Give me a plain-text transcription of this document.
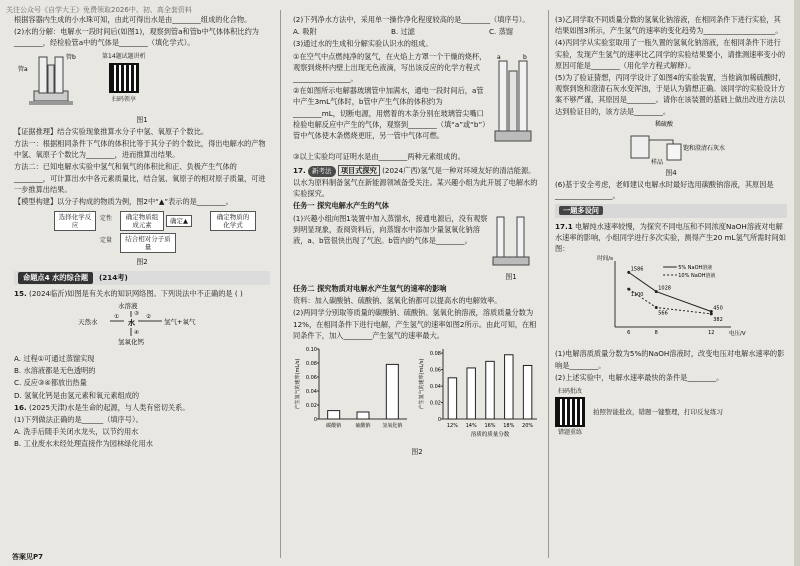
关注公众号《自学大王》免费领取2026中、初、高全套资料

根据容器内生成的小水珠可知，由此可得出水是由________组成的化合物。

(2)水的分解：电解水一段时间后(如图1)，观察到管a和管b中气体体积比约为________，经检验管a中的气体是________（填化学式）。

管a
管b	第14题试题讲析
扫码领享
图1

【证据推理】结合实验现象推算水分子中氢、氧原子个数比。

方法一：根据相同条件下气体的体积比等于其分子的个数比，得出电解水的产物中氢、氧原子个数比为________，进而推算出结果。

方法二：已知电解水实验中氢气和氧气的体积比和正、负极产生气体的________，可计算出水中各元素质量比，结合氢、氧原子的相对原子质量，可进一步推算出结果。

【模型构建】以分子构成的物质为例，图2中“▲”表示的是________。

选择化学反应
定性	确定物质组成元素	确定▲	确定物质的化学式
定量	结合相对分子质量
图2
命题点4 水的综合题	(214考)

15. (2024临沂)如图是有关水的知识网络图。下列说法中不正确的是 ( )

水溶液
天然水	水	氢气+氧气
氢氧化钙
①	②
③
④

A. 过程①可通过蒸馏实现

B. 水溶液都是无色透明的

C. 反应③④都放出热量

D. 氢氧化钙是由氢元素和氧元素组成的

16. (2025天津)水是生命的起源，与人类有密切关系。

(1)下列做法正确的是______（填序号）。

A. 洗手后随手关闭水龙头，以节约用水

B. 工业废水未经处理直接作为园林绿化用水

答案见P7

(2)下列净水方法中，采用单一操作净化程度较高的是________（填序号）。

A. 吸附	B. 过滤	C. 蒸馏

(3)通过水的生成和分解实验认识水的组成。

①在空气中点燃纯净的氢气，在火焰上方罩一个干燥的烧杯，观察到烧杯内壁上出现无色液滴，写出该反应的化学方程式________________。

②在如图所示电解器玻璃管中加满水，通电一段时间后，a管中产生3mL气体时，b管中产生气体的体积约为________mL，切断电源，用燃着的木条分别在玻璃管尖嘴口检验电解反应中产生的气体，观察到________（填“a”或“b”）管中气体使木条燃烧更旺，另一管中气体可燃。

a	b

③以上实验均可证明水是由________两种元素组成的。

17. 新考法 项目式探究 (2024广西)氢气是一种对环境友好的清洁能源。以水为原料制备氢气在新能源领域备受关注。某兴趣小组为此开展了电解水的实验探究。

任务一 探究电解水产生的气体

(1)兴趣小组向图1装置中加入蒸馏水，接通电源后，没有观察到明显现象，查阅资料后，向蒸馏水中添加少量氢氧化钠溶液，a、b管很快出现了气泡。b管内的气体是________。

图1

任务二 探究物质对电解水产生氢气的速率的影响

资料：加入碳酸钠、硫酸钠、氢氧化钠都可以提高水的电解效率。

(2)两同学分别取等质量的碳酸钠、硫酸钠、氢氧化钠溶液，溶质质量分数为12%，在相同条件下进行电解，产生氢气的速率如图2所示。由此可知，在相同条件下，加入________产生氢气的速率最大。

0
0.02
0.04
0.06
0.08
0.10
碳酸钠	硫酸钠 氢氧化钠
产生氢气的速率(mL/s)
0
0.02
0.04
0.06
0.08
12% 14% 16% 18% 20%
产生氢气的速率(mL/s)
溶质的质量分数
图2

(3)乙同学取不同质量分数的氢氧化钠溶液，在相同条件下进行实验，其结果如图3所示，产生氢气的速率的变化趋势为____________________。

(4)丙同学从实验室取用了一瓶久置的氢氧化钠溶液，在相同条件下进行实验，发现产生氢气的速率比乙同学的实验结果要小，请推测速率变小的原因可能是________（用化学方程式解释）。

(5)为了验证猜想，丙同学设计了如图4的实验装置，当他滴加稀硫酸时，观察到饱和澄清石灰水变浑浊，于是认为猜想正确。该同学的实验设计方案不够严谨，其原因是________。请你在该装置的基础上做出改进方法以达到验证目的，该方法是________。

稀硫酸
饱和澄清石灰水
样品
图4

(6)基于安全考虑，老师建议电解水时最好选用碳酸钠溶液，其原因是________________。

一题多设问

17.1 电解纯水速率较慢，为探究不同电压和不同浓度NaOH溶液对电解水速率的影响，小组同学进行多次实验，测得产生20 mL氢气所需时间如图：

时间/s
电压/V
6	8	12
1586
1028
450
5% NaOH溶液
1100
566
382
10% NaOH溶液

(1)电解溶质质量分数为5%的NaOH溶液时，改变电压对电解水速率的影响是________。

(2)上述实验中，电解水速率最快的条件是________。

扫码批改
错题重练
拍照智能批改，错题一键整理，打印反复练习
